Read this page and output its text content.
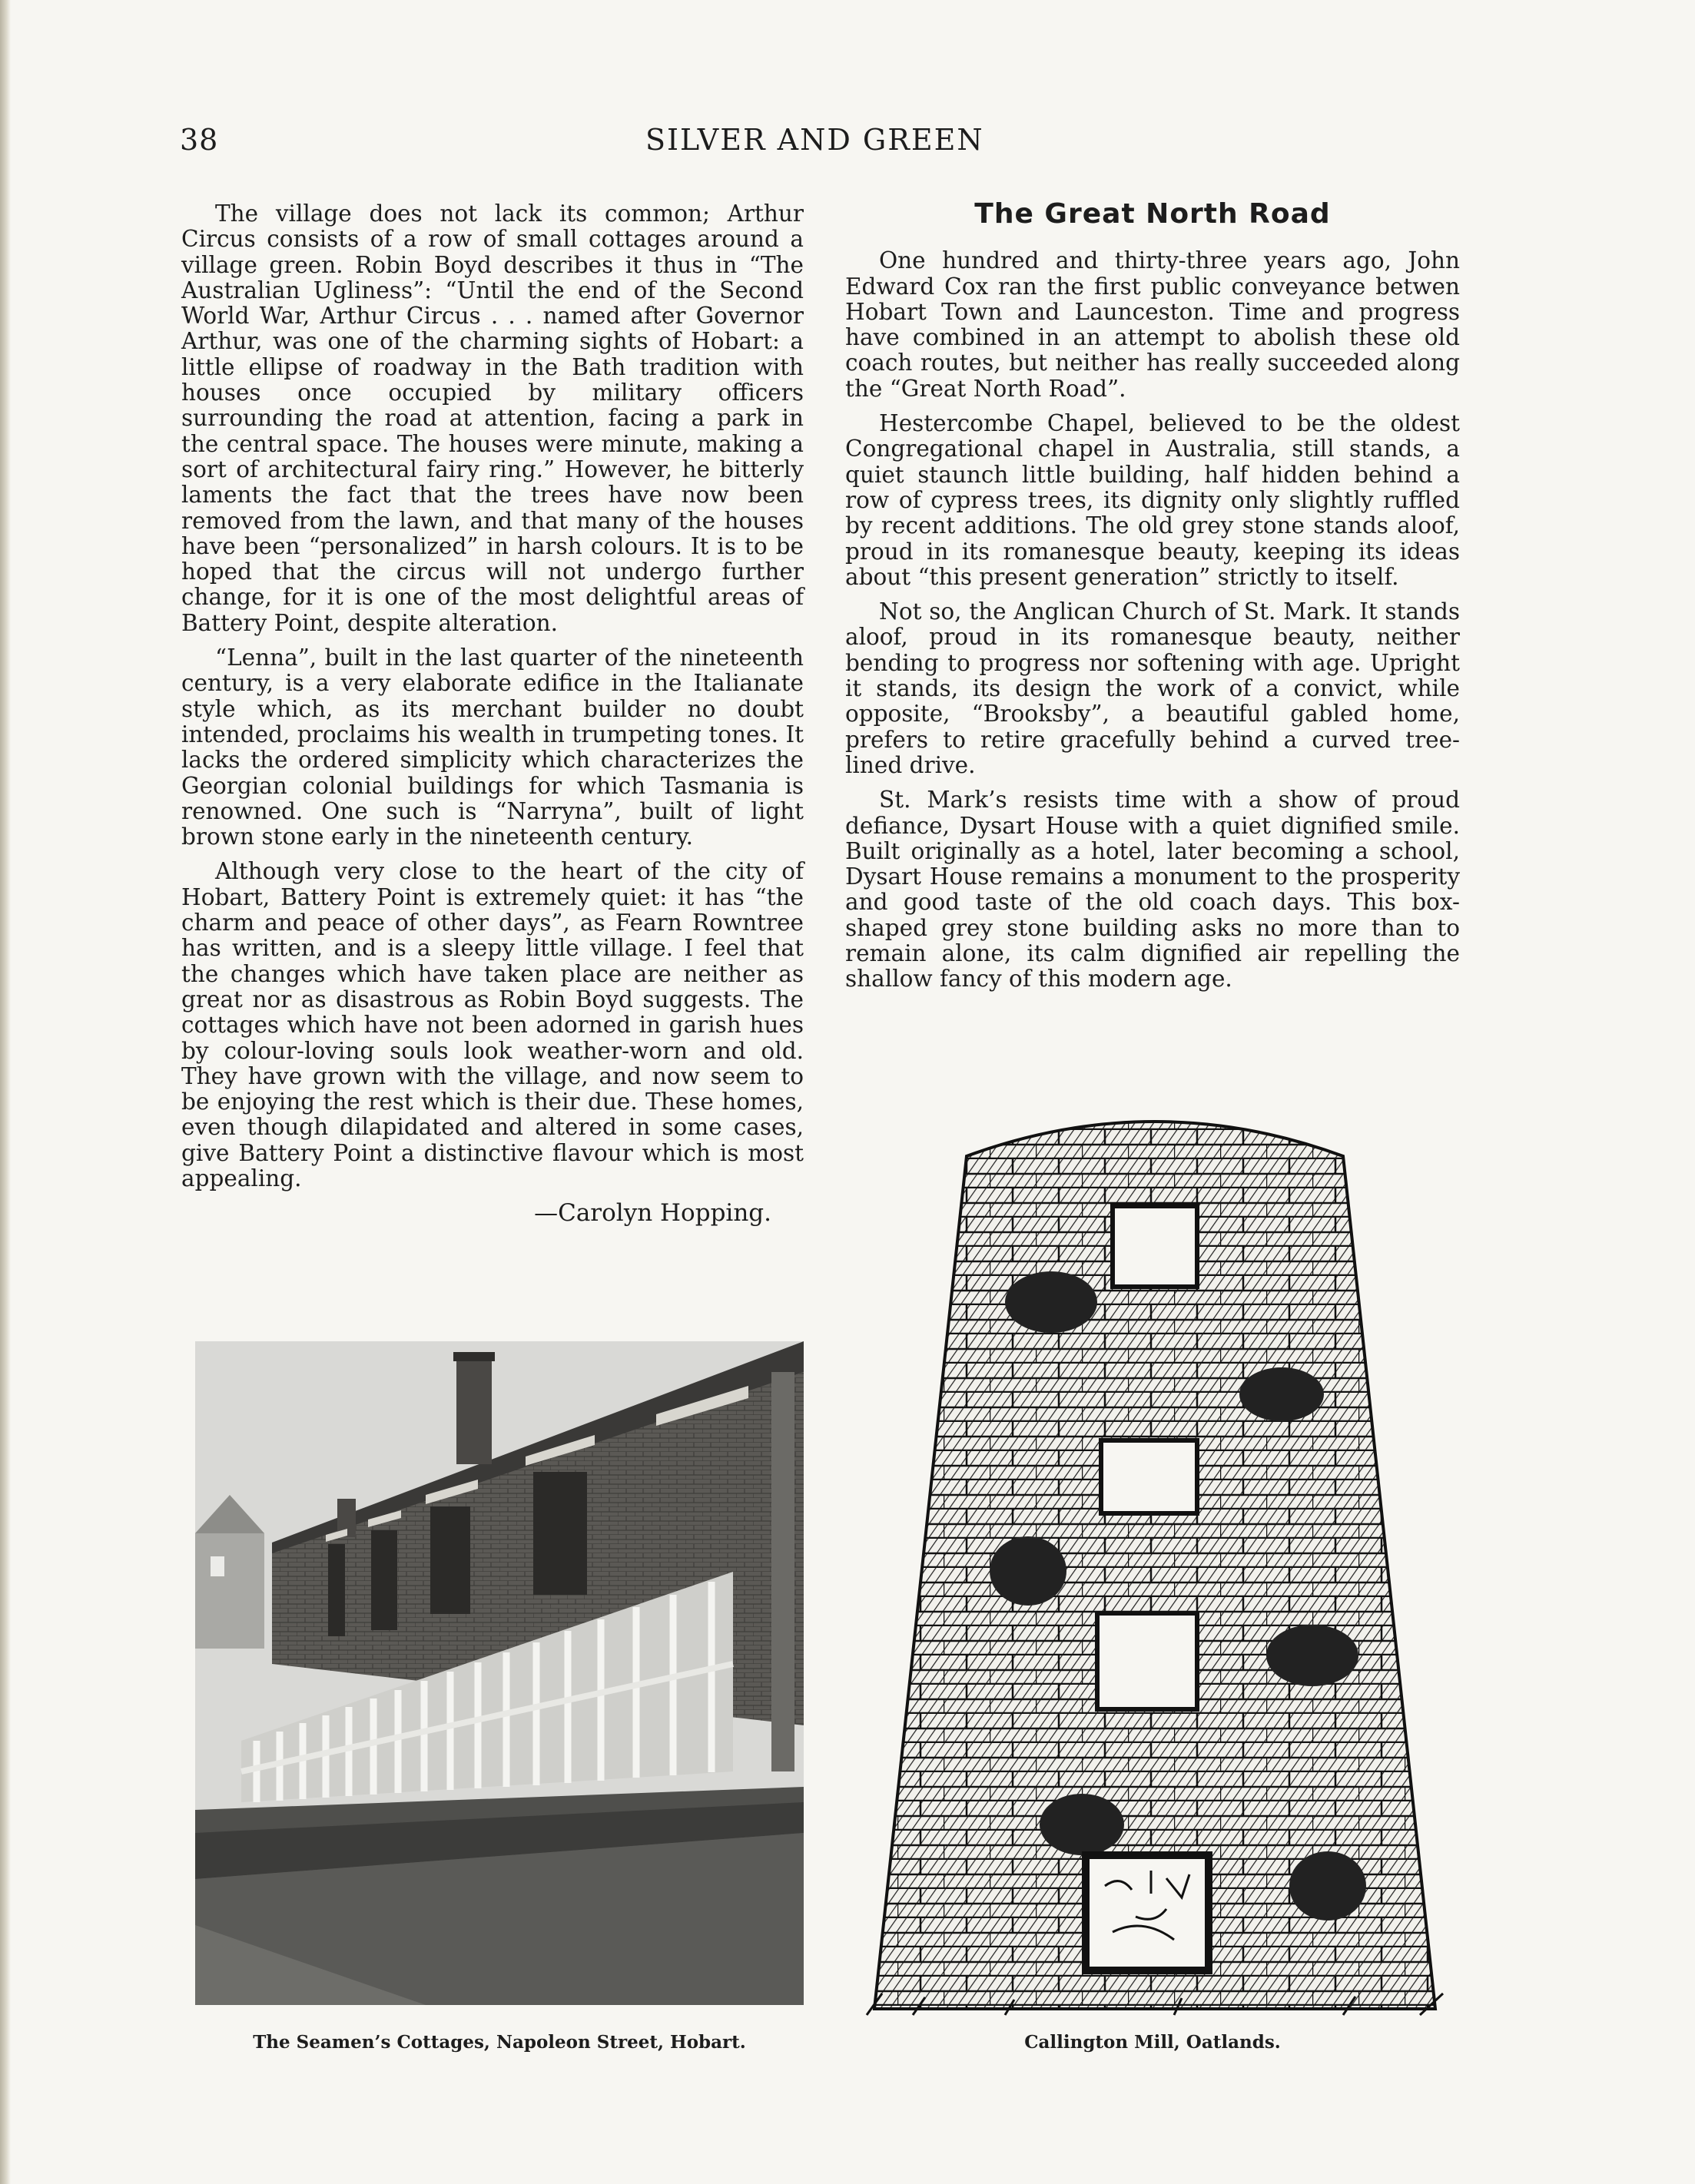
38	SILVER AND GREEN

The village does not lack its common; Arthur Circus consists of a row of small cottages around a village green. Robin Boyd describes it thus in “The Australian Ugliness”: “Until the end of the Second World War, Arthur Circus . . . named after Governor Arthur, was one of the charming sights of Hobart: a little ellipse of roadway in the Bath tradition with houses once occupied by military officers surrounding the road at attention, facing a park in the central space. The houses were minute, making a sort of architectural fairy ring.” However, he bitterly laments the fact that the trees have now been removed from the lawn, and that many of the houses have been “personalized” in harsh colours. It is to be hoped that the circus will not undergo further change, for it is one of the most delightful areas of Battery Point, despite alteration.

“Lenna”, built in the last quarter of the nineteenth century, is a very elaborate edifice in the Italianate style which, as its merchant builder no doubt intended, proclaims his wealth in trumpeting tones. It lacks the ordered simplicity which characterizes the Georgian colonial buildings for which Tasmania is renowned. One such is “Narryna”, built of light brown stone early in the nineteenth century.

Although very close to the heart of the city of Hobart, Battery Point is extremely quiet: it has “the charm and peace of other days”, as Fearn Rowntree has written, and is a sleepy little village. I feel that the changes which have taken place are neither as great nor as disastrous as Robin Boyd suggests. The cottages which have not been adorned in garish hues by colour-loving souls look weather-worn and old. They have grown with the village, and now seem to be enjoying the rest which is their due. These homes, even though dilapidated and altered in some cases, give Battery Point a distinctive flavour which is most appealing.

—Carolyn Hopping.
The Great North Road

One hundred and thirty-three years ago, John Edward Cox ran the first public conveyance betwen Hobart Town and Launceston. Time and progress have combined in an attempt to abolish these old coach routes, but neither has really succeeded along the “Great North Road”.

Hestercombe Chapel, believed to be the oldest Congregational chapel in Australia, still stands, a quiet staunch little building, half hidden behind a row of cypress trees, its dignity only slightly ruffled by recent additions. The old grey stone stands aloof, proud in its romanesque beauty, keeping its ideas about “this present generation” strictly to itself.

Not so, the Anglican Church of St. Mark. It stands aloof, proud in its romanesque beauty, neither bending to progress nor softening with age. Upright it stands, its design the work of a convict, while opposite, “Brooksby”, a beautiful gabled home, prefers to retire gracefully behind a curved tree-lined drive.

St. Mark’s resists time with a show of proud defiance, Dysart House with a quiet dignified smile. Built originally as a hotel, later becoming a school, Dysart House remains a monument to the prosperity and good taste of the old coach days. This box-shaped grey stone building asks no more than to remain alone, its calm dignified air repelling the shallow fancy of this modern age.

The Seamen’s Cottages, Napoleon Street, Hobart.	Callington Mill, Oatlands.
